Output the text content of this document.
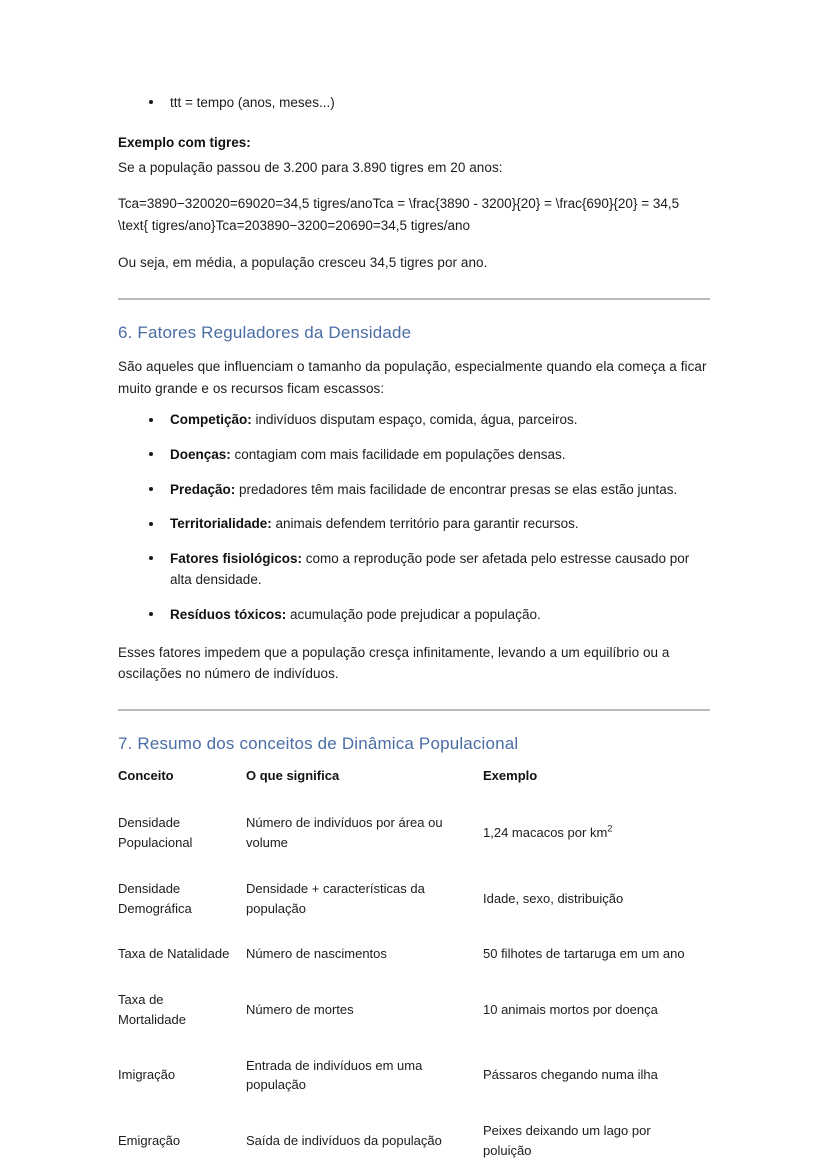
ttt = tempo (anos, meses...)

Exemplo com tigres:

Se a população passou de 3.200 para 3.890 tigres em 20 anos:

Tca=3890−320020=69020=34,5 tigres/anoTca = \frac{3890 - 3200}{20} = \frac{690}{20} = 34,5 \text{ tigres/ano}Tca=203890−3200=20690=34,5 tigres/ano

Ou seja, em média, a população cresceu 34,5 tigres por ano.

6. Fatores Reguladores da Densidade

São aqueles que influenciam o tamanho da população, especialmente quando ela começa a ficar muito grande e os recursos ficam escassos:

Competição: indivíduos disputam espaço, comida, água, parceiros.
Doenças: contagiam com mais facilidade em populações densas.
Predação: predadores têm mais facilidade de encontrar presas se elas estão juntas.
Territorialidade: animais defendem território para garantir recursos.
Fatores fisiológicos: como a reprodução pode ser afetada pelo estresse causado por alta densidade.
Resíduos tóxicos: acumulação pode prejudicar a população.

Esses fatores impedem que a população cresça infinitamente, levando a um equilíbrio ou a oscilações no número de indivíduos.

7. Resumo dos conceitos de Dinâmica Populacional
Conceito	O que significa	Exemplo
Densidade Populacional	Número de indivíduos por área ou volume	1,24 macacos por $km^2$
Densidade Demográfica	Densidade + características da população	Idade, sexo, distribuição
Taxa de Natalidade	Número de nascimentos	50 filhotes de tartaruga em um ano
Taxa de Mortalidade	Número de mortes	10 animais mortos por doença
Imigração	Entrada de indivíduos em uma população	Pássaros chegando numa ilha
Emigração	Saída de indivíduos da população	Peixes deixando um lago por poluição
